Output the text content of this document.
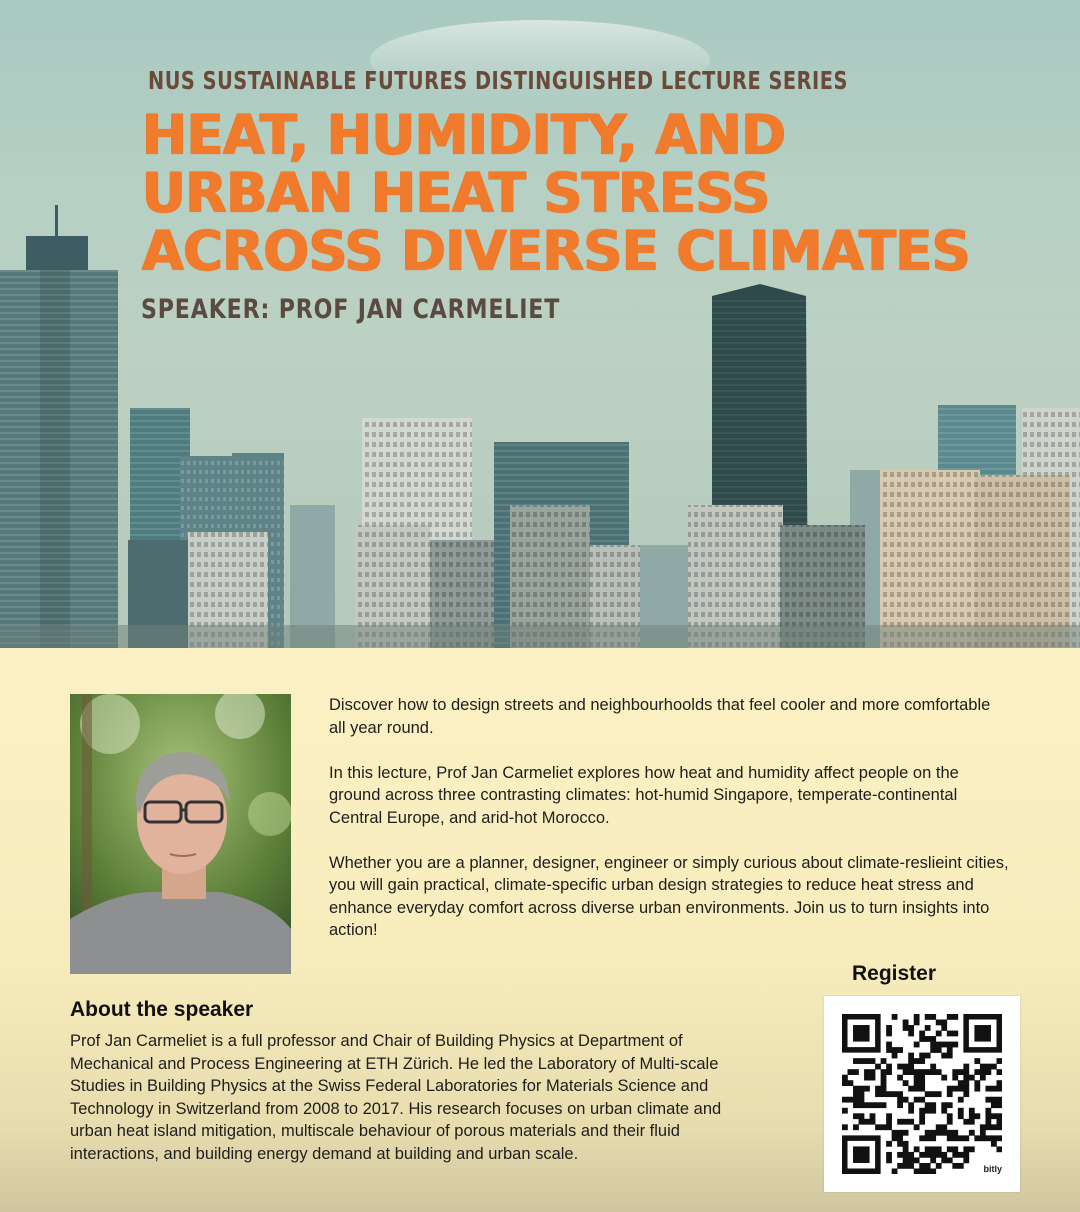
NUS SUSTAINABLE FUTURES DISTINGUISHED LECTURE SERIES
HEAT, HUMIDITY, AND
URBAN HEAT STRESS
ACROSS DIVERSE CLIMATES
SPEAKER: PROF JAN CARMELIET

Discover how to design streets and neighbourhoolds that feel cooler and more comfortable all year round.

In this lecture, Prof Jan Carmeliet explores how heat and humidity affect people on the ground across three contrasting climates: hot-humid Singapore, temperate-continental Central Europe, and arid-hot Morocco.

Whether you are a planner, designer, engineer or simply curious about climate-reslieint cities, you will gain practical, climate-specific urban design strategies to reduce heat stress and enhance everyday comfort across diverse urban environments. Join us to turn insights into action!

About the speaker
Prof Jan Carmeliet is a full professor and Chair of Building Physics at Department of Mechanical and Process Engineering at ETH Zürich. He led the Laboratory of Multi-scale Studies in Building Physics at the Swiss Federal Laboratories for Materials Science and Technology in Switzerland from 2008 to 2017. His research focuses on urban climate and urban heat island mitigation, multiscale behaviour of porous materials and their fluid interactions, and building energy demand at building and urban scale.
Register
bitly
